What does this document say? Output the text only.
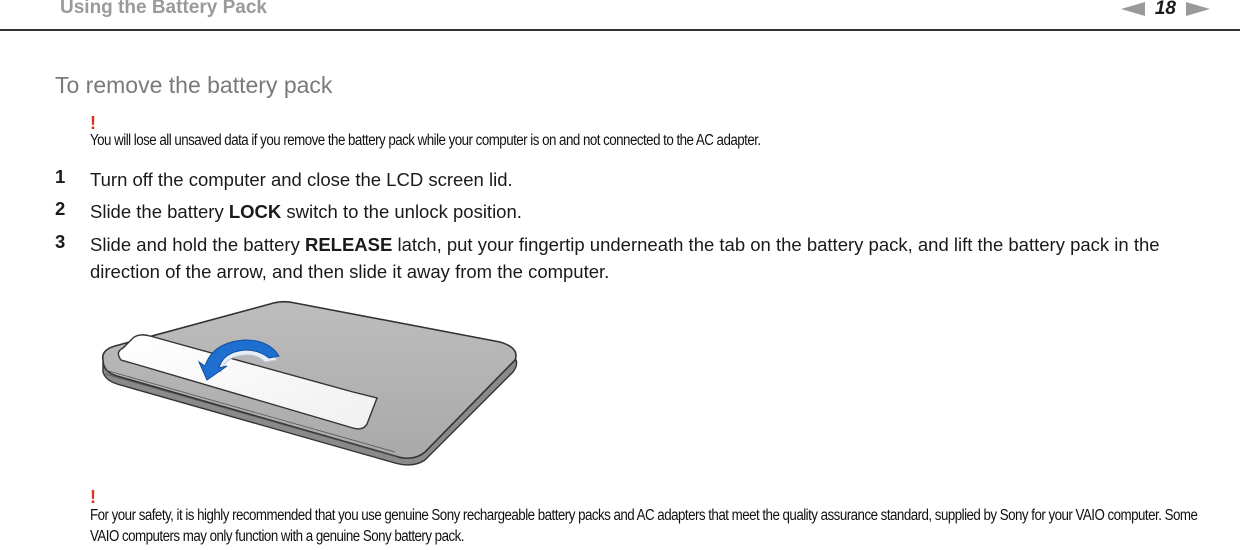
Using the Battery Pack	18
To remove the battery pack
!
You will lose all unsaved data if you remove the battery pack while your computer is on and not connected to the AC adapter.
1 Turn off the computer and close the LCD screen lid.
2 Slide the battery LOCK switch to the unlock position.
3 Slide and hold the battery RELEASE latch, put your fingertip underneath the tab on the battery pack, and lift the battery pack in the direction of the arrow, and then slide it away from the computer.
!
For your safety, it is highly recommended that you use genuine Sony rechargeable battery packs and AC adapters that meet the quality assurance standard, supplied by Sony for your VAIO computer. Some VAIO computers may only function with a genuine Sony battery pack.
